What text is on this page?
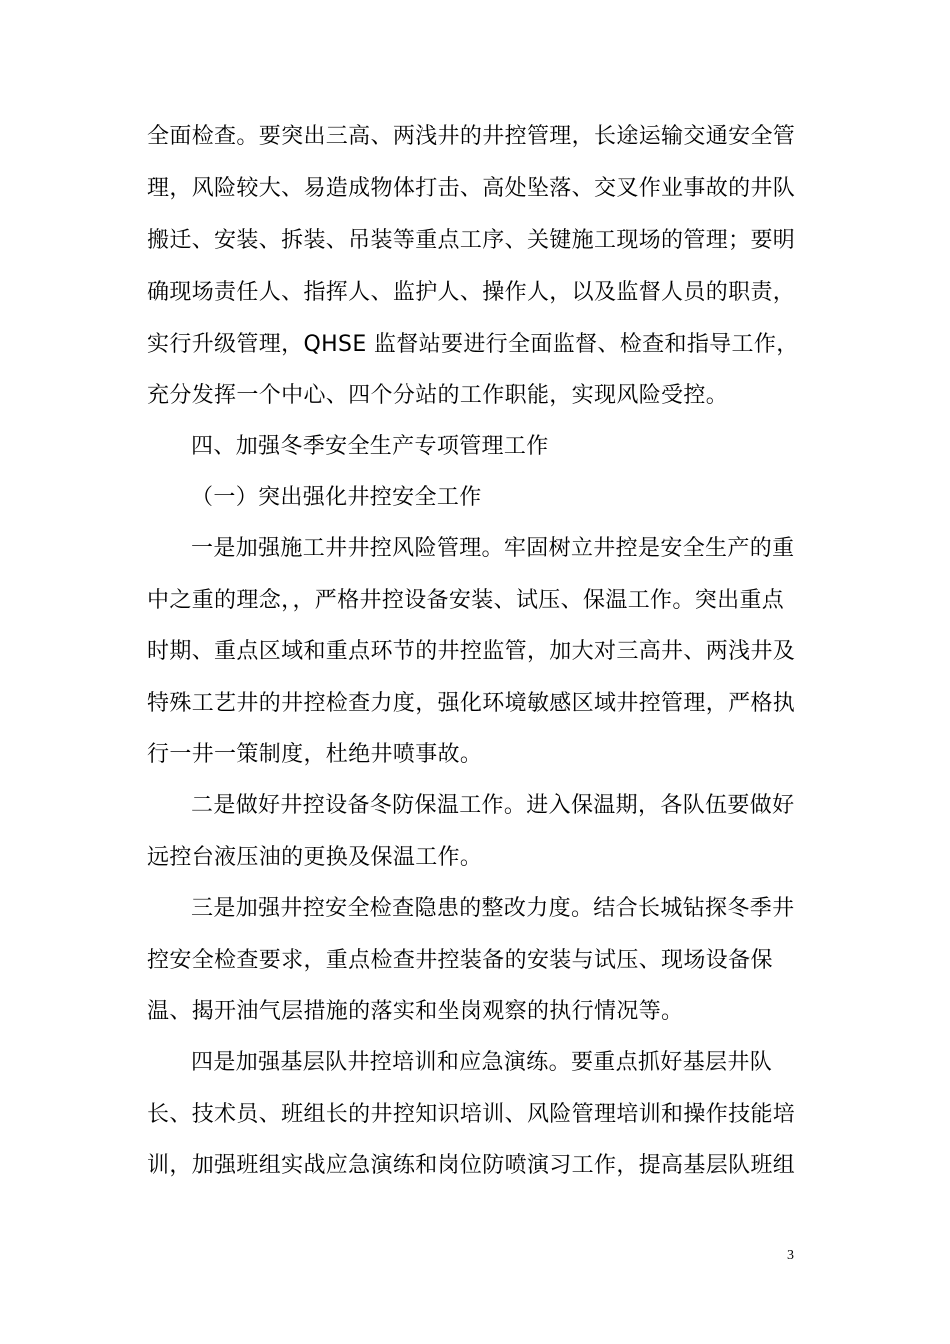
全面检查。要突出三高、两浅井的井控管理，长途运输交通安全管
理，风险较大、易造成物体打击、高处坠落、交叉作业事故的井队
搬迁、安装、拆装、吊装等重点工序、关键施工现场的管理；要明
确现场责任人、指挥人、监护人、操作人，以及监督人员的职责，
实行升级管理，QHSE 监督站要进行全面监督、检查和指导工作，
充分发挥一个中心、四个分站的工作职能，实现风险受控。
四、加强冬季安全生产专项管理工作
（一）突出强化井控安全工作
一是加强施工井井控风险管理。牢固树立井控是安全生产的重
中之重的理念，，严格井控设备安装、试压、保温工作。突出重点
时期、重点区域和重点环节的井控监管，加大对三高井、两浅井及
特殊工艺井的井控检查力度，强化环境敏感区域井控管理，严格执
行一井一策制度，杜绝井喷事故。
二是做好井控设备冬防保温工作。进入保温期，各队伍要做好
远控台液压油的更换及保温工作。
三是加强井控安全检查隐患的整改力度。结合长城钻探冬季井
控安全检查要求，重点检查井控装备的安装与试压、现场设备保
温、揭开油气层措施的落实和坐岗观察的执行情况等。
四是加强基层队井控培训和应急演练。要重点抓好基层井队
长、技术员、班组长的井控知识培训、风险管理培训和操作技能培
训，加强班组实战应急演练和岗位防喷演习工作，提高基层队班组
3
